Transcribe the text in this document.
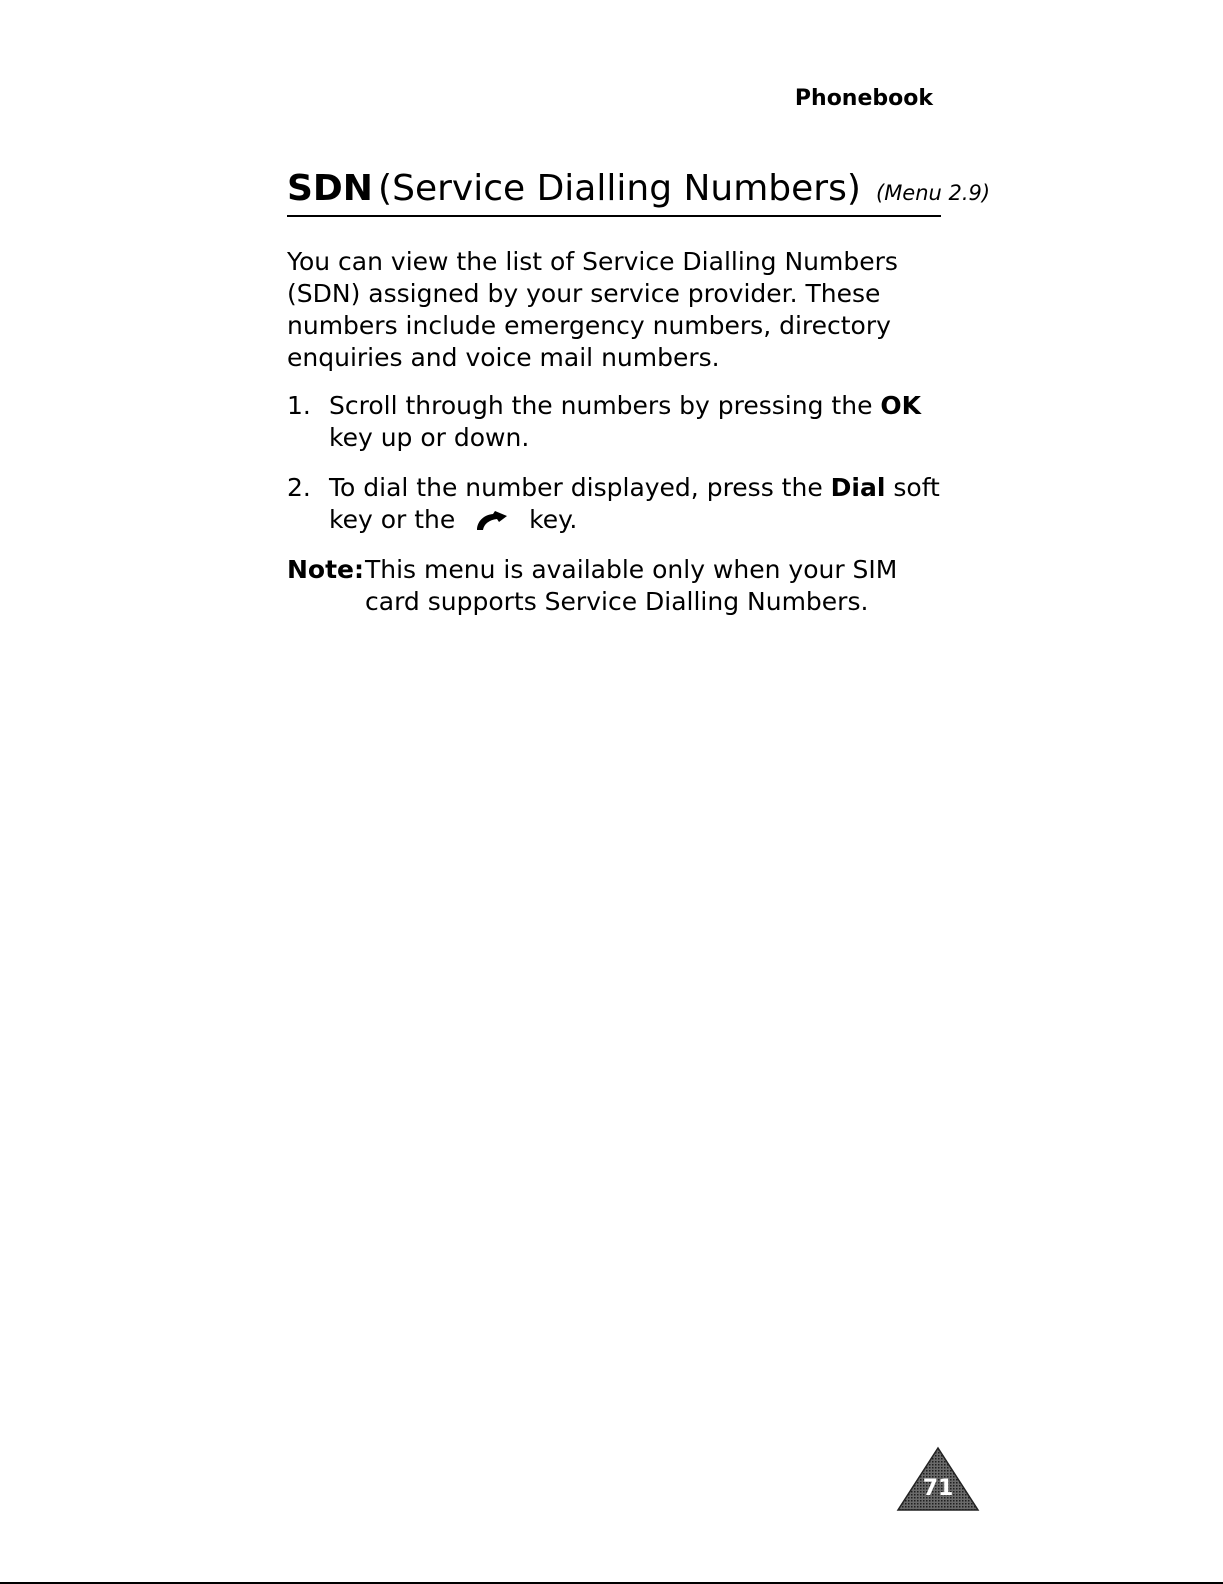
Phonebook
SDN (Service Dialling Numbers) (Menu 2.9)

You can view the list of Service Dialling Numbers (SDN) assigned by your service provider. These numbers include emergency numbers, directory enquiries and voice mail numbers.

1. Scroll through the numbers by pressing the OK key up or down.
2. To dial the number displayed, press the Dial soft key or the	key.
Note: This menu is available only when your SIM card supports Service Dialling Numbers.
71
